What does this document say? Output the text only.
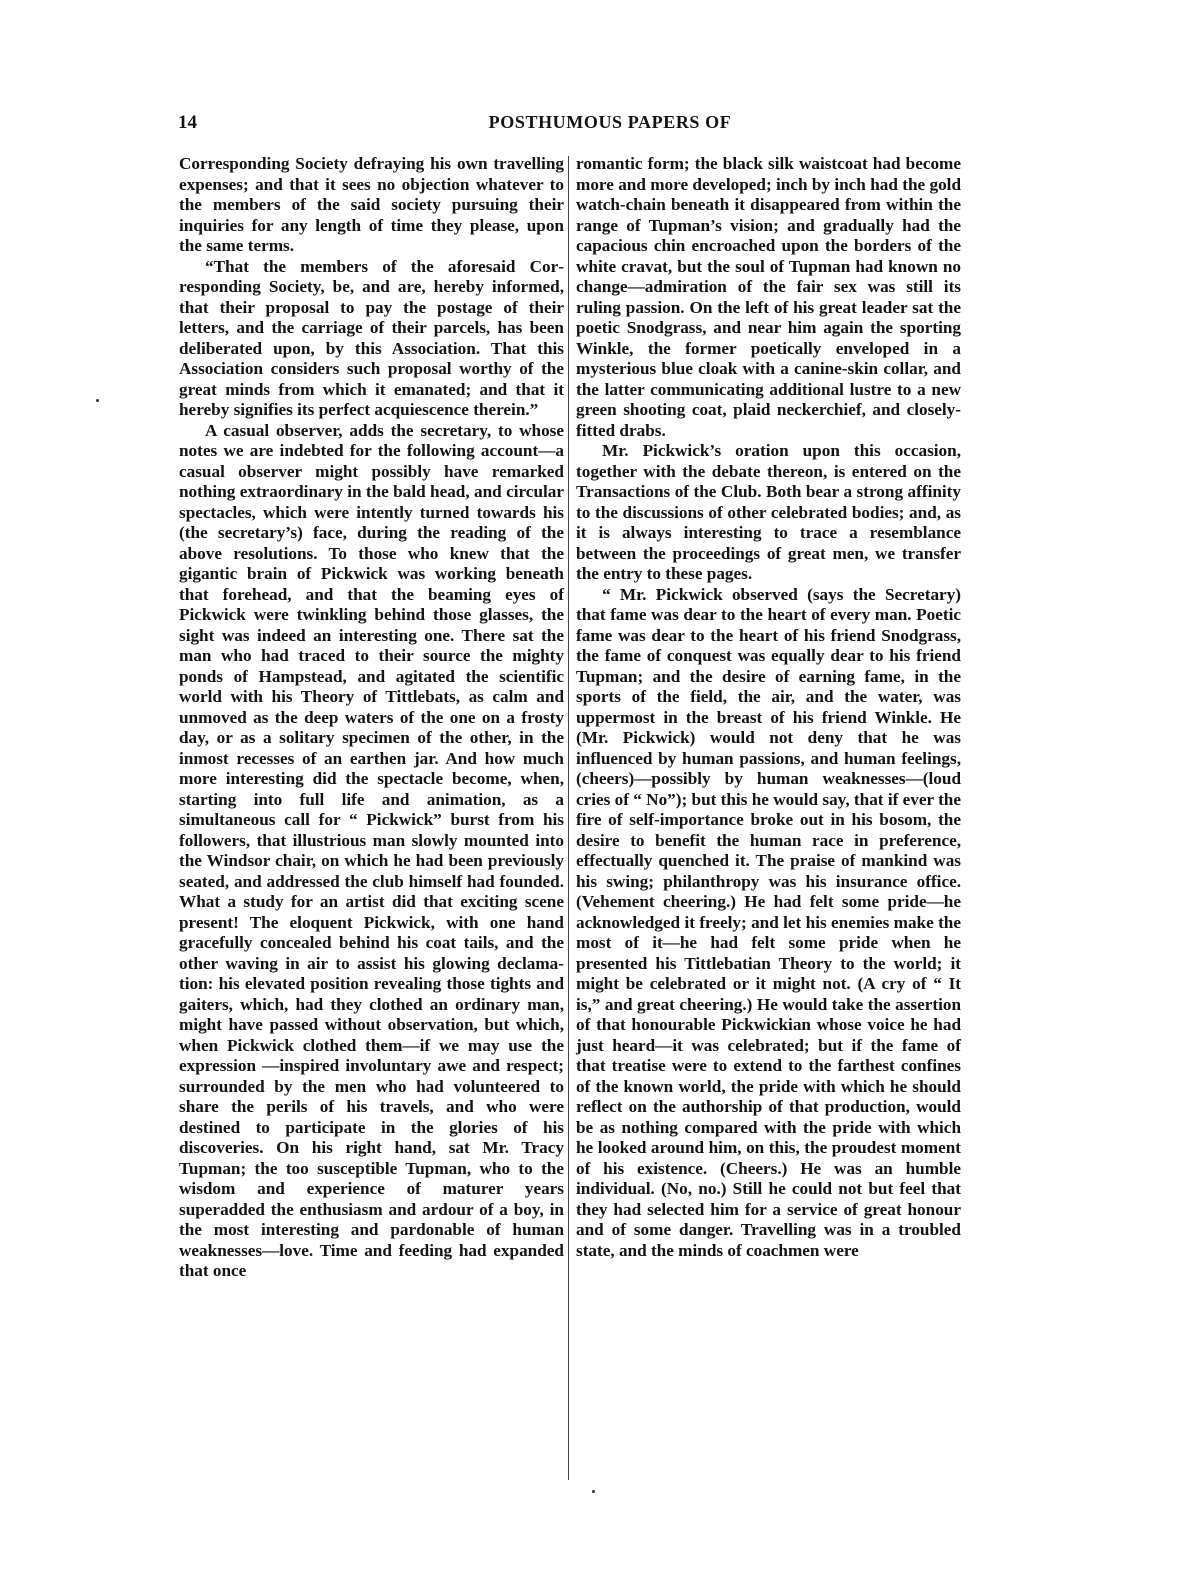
14	POSTHUMOUS PAPERS OF

Corresponding Society defraying his own travelling expenses; and that it sees no objection whatever to the members of the said society pursuing their inquiries for any length of time they please, upon the same terms.

“That the members of the aforesaid Corresponding Society, be, and are, hereby informed, that their proposal to pay the postage of their letters, and the carriage of their parcels, has been deliberated upon, by this Association. That this Association considers such proposal worthy of the great minds from which it emanated; and that it hereby signifies its perfect acquiescence therein.”

A casual observer, adds the secretary, to whose notes we are indebted for the following account—a casual observer might possibly have remarked nothing extraordinary in the bald head, and circular spectacles, which were intently turned towards his (the secretary’s) face, during the reading of the above resolutions. To those who knew that the gigantic brain of Pickwick was working beneath that forehead, and that the beaming eyes of Pickwick were twinkling behind those glasses, the sight was indeed an interesting one. There sat the man who had traced to their source the mighty ponds of Hampstead, and agitated the scientific world with his Theory of Tittlebats, as calm and unmoved as the deep waters of the one on a frosty day, or as a solitary specimen of the other, in the inmost recesses of an earthen jar. And how much more interesting did the spectacle become, when, starting into full life and animation, as a simultaneous call for “ Pickwick” burst from his followers, that illustrious man slowly mounted into the Windsor chair, on which he had been previously seated, and addressed the club himself had founded. What a study for an artist did that exciting scene present! The eloquent Pickwick, with one hand gracefully concealed behind his coat tails, and the other waving in air to assist his glowing declamation: his elevated position revealing those tights and gaiters, which, had they clothed an ordinary man, might have passed without observation, but which, when Pickwick clothed them—if we may use the expression —inspired involuntary awe and respect; surrounded by the men who had volunteered to share the perils of his travels, and who were destined to participate in the glories of his discoveries. On his right hand, sat Mr. Tracy Tupman; the too susceptible Tupman, who to the wisdom and experience of maturer years superadded the enthusiasm and ardour of a boy, in the most interesting and pardonable of human weaknesses—love. Time and feeding had expanded that once

romantic form; the black silk waistcoat had become more and more developed; inch by inch had the gold watch-chain beneath it disappeared from within the range of Tupman’s vision; and gradually had the capacious chin encroached upon the borders of the white cravat, but the soul of Tupman had known no change—admiration of the fair sex was still its ruling passion. On the left of his great leader sat the poetic Snodgrass, and near him again the sporting Winkle, the former poetically enveloped in a mysterious blue cloak with a canine-skin collar, and the latter communicating additional lustre to a new green shooting coat, plaid neckerchief, and closely-fitted drabs.

Mr. Pickwick’s oration upon this occasion, together with the debate thereon, is entered on the Transactions of the Club. Both bear a strong affinity to the discussions of other celebrated bodies; and, as it is always interesting to trace a resemblance between the proceedings of great men, we transfer the entry to these pages.

“ Mr. Pickwick observed (says the Secretary) that fame was dear to the heart of every man. Poetic fame was dear to the heart of his friend Snodgrass, the fame of conquest was equally dear to his friend Tupman; and the desire of earning fame, in the sports of the field, the air, and the water, was uppermost in the breast of his friend Winkle. He (Mr. Pickwick) would not deny that he was influenced by human passions, and human feelings, (cheers)—possibly by human weaknesses—(loud cries of “ No”); but this he would say, that if ever the fire of self-importance broke out in his bosom, the desire to benefit the human race in preference, effectually quenched it. The praise of mankind was his swing; philanthropy was his insurance office. (Vehement cheering.) He had felt some pride—he acknowledged it freely; and let his enemies make the most of it—he had felt some pride when he presented his Tittlebatian Theory to the world; it might be celebrated or it might not. (A cry of “ It is,” and great cheering.) He would take the assertion of that honourable Pickwickian whose voice he had just heard—it was celebrated; but if the fame of that treatise were to extend to the farthest confines of the known world, the pride with which he should reflect on the authorship of that production, would be as nothing compared with the pride with which he looked around him, on this, the proudest moment of his existence. (Cheers.) He was an humble individual. (No, no.) Still he could not but feel that they had selected him for a service of great honour and of some danger. Travelling was in a troubled state, and the minds of coachmen were
